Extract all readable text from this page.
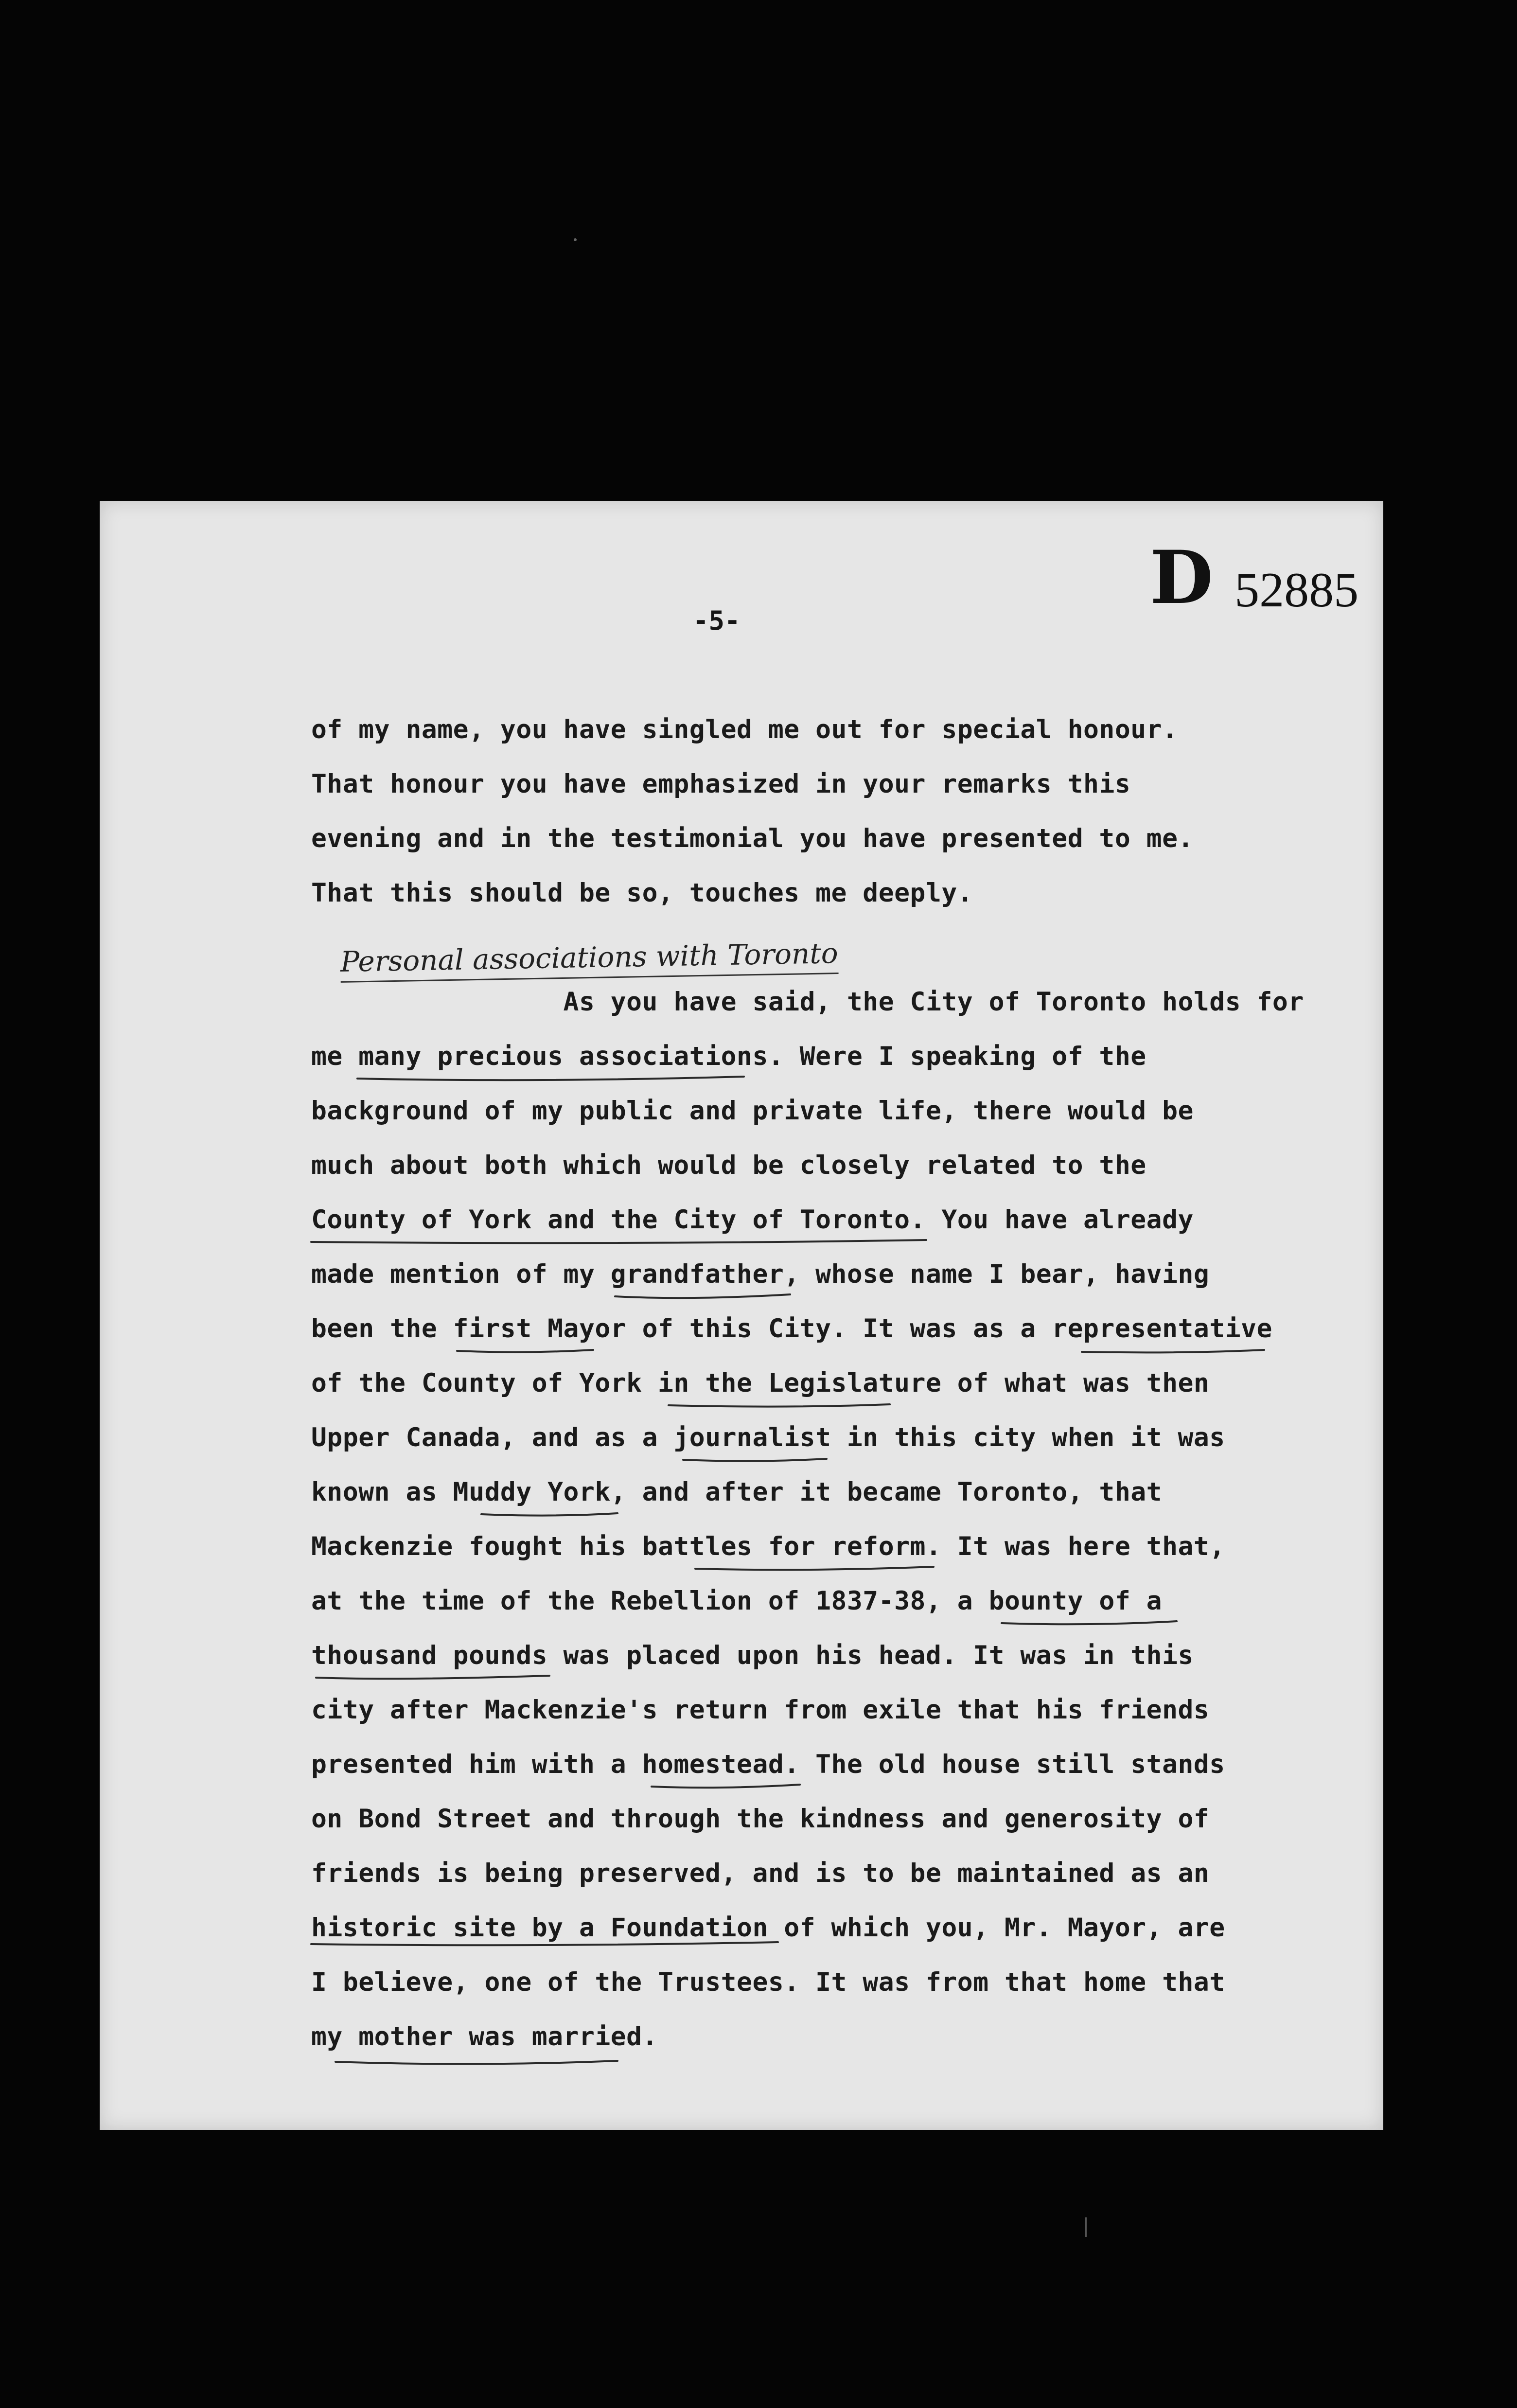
D 52885
-5-
Personal associations with Toronto
of my name, you have singled me out for special honour.
That honour you have emphasized in your remarks this
evening and in the testimonial you have presented to me.
That this should be so, touches me deeply.
As you have said, the City of Toronto holds for
me many precious associations. Were I speaking of the
background of my public and private life, there would be
much about both which would be closely related to the
County of York and the City of Toronto. You have already
made mention of my grandfather, whose name I bear, having
been the first Mayor of this City. It was as a representative
of the County of York in the Legislature of what was then
Upper Canada, and as a journalist in this city when it was
known as Muddy York, and after it became Toronto, that
Mackenzie fought his battles for reform. It was here that,
at the time of the Rebellion of 1837-38, a bounty of a
thousand pounds was placed upon his head. It was in this
city after Mackenzie's return from exile that his friends
presented him with a homestead. The old house still stands
on Bond Street and through the kindness and generosity of
friends is being preserved, and is to be maintained as an
historic site by a Foundation of which you, Mr. Mayor, are
I believe, one of the Trustees. It was from that home that
my mother was married.
